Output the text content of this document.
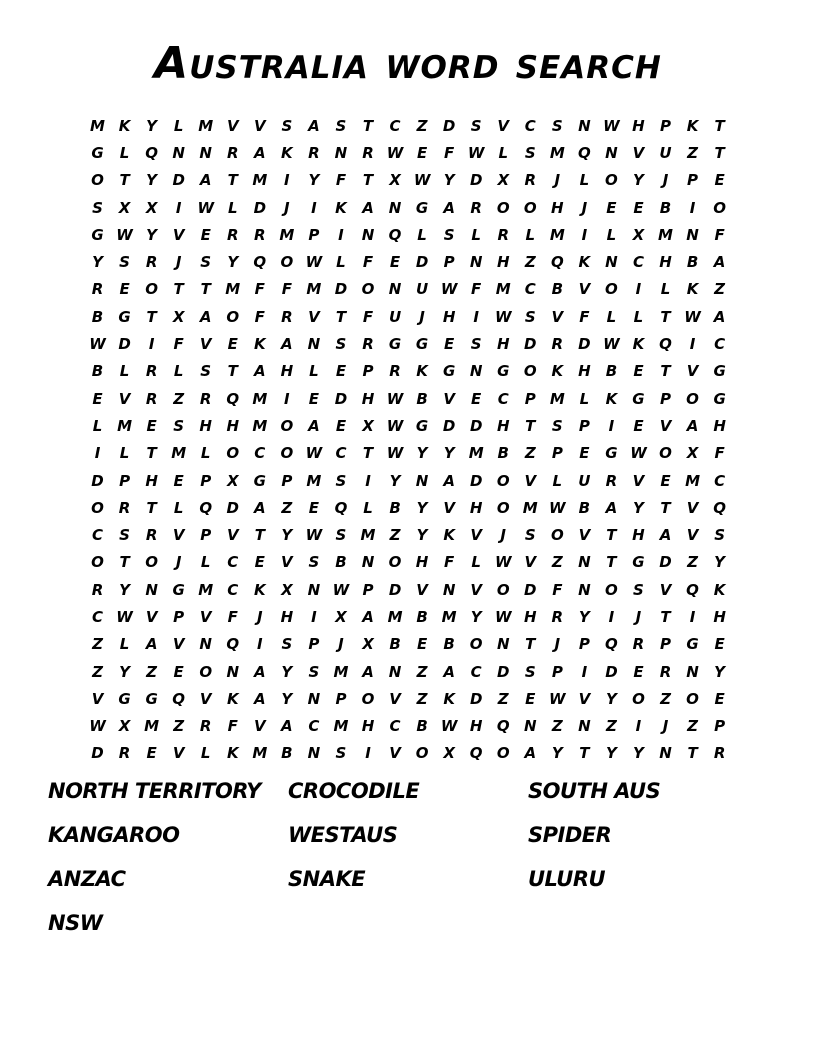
Australia word search
M K	Y	L M V	V	S	A	S	T	C	Z	D	S	V	C	S	N W H	P	K	T
G	L	Q N N R	A	K	R N R W E	F W L	S M Q N V	U	Z	T
O	T	Y	D	A	T M	I	Y	F	T	X W Y	D	X	R	J	L	O	Y	J	P	E
S	X	X	I	W L	D	J	I	K	A N G	A	R O O H	J	E	E	B	I	O
G W Y	V	E	R	R M P	I	N Q	L	S	L	R	L M	I	L	X M N	F
Y	S	R	J	S	Y	Q O W L	F	E	D	P	N H	Z	Q K N	C	H	B	A
R	E	O	T	T M F	F M D O N U W F M C	B	V O	I	L	K	Z
B	G	T	X	A O	F	R	V	T	F	U	J	H	I	W S	V	F	L	L	T W A
W D	I	F	V	E	K	A N	S	R	G G	E	S	H D	R	D W K Q	I	C
B	L	R	L	S	T	A H	L	E	P	R	K	G N G O K H	B	E	T	V	G
E	V	R	Z	R Q M	I	E	D H W B	V	E	C	P M L	K	G	P	O G
L M E	S	H H M O A	E	X W G D D H	T	S	P	I	E	V	A H
I	L	T M L	O	C	O W C	T W Y	Y M B	Z	P	E	G W O X	F
D	P	H	E	P	X	G	P M S	I	Y	N A	D O V	L	U	R	V	E M C
O R	T	L	Q D	A	Z	E	Q	L	B	Y	V H O M W B	A	Y	T	V Q
C	S	R	V	P	V	T	Y W S M Z	Y	K	V	J	S	O V	T	H A	V	S
O	T	O	J	L	C	E	V	S	B	N O H	F	L W V	Z	N	T	G D	Z	Y
R	Y	N G M C	K	X N W P	D	V N V O D	F	N O	S	V Q K
C W V	P	V	F	J	H	I	X	A M B M Y W H R	Y	I	J	T	I	H
Z	L	A	V N Q	I	S	P	J	X	B	E	B O N	T	J	P	Q R	P	G	E
Z	Y	Z	E	O N A	Y	S M A N	Z	A	C	D	S	P	I	D	E	R N	Y
V	G G Q V	K	A	Y	N	P	O V	Z	K	D	Z	E W V	Y	O	Z	O	E
W X M Z	R	F	V	A	C M H	C	B W H Q N	Z	N	Z	I	J	Z	P
D	R	E	V	L	K M B	N	S	I	V O X Q O A	Y	T	Y	Y	N	T	R
NORTH TERRITORY	CROCODILE	SOUTH AUS
KANGAROO	WESTAUS	SPIDER
ANZAC	SNAKE	ULURU
NSW
